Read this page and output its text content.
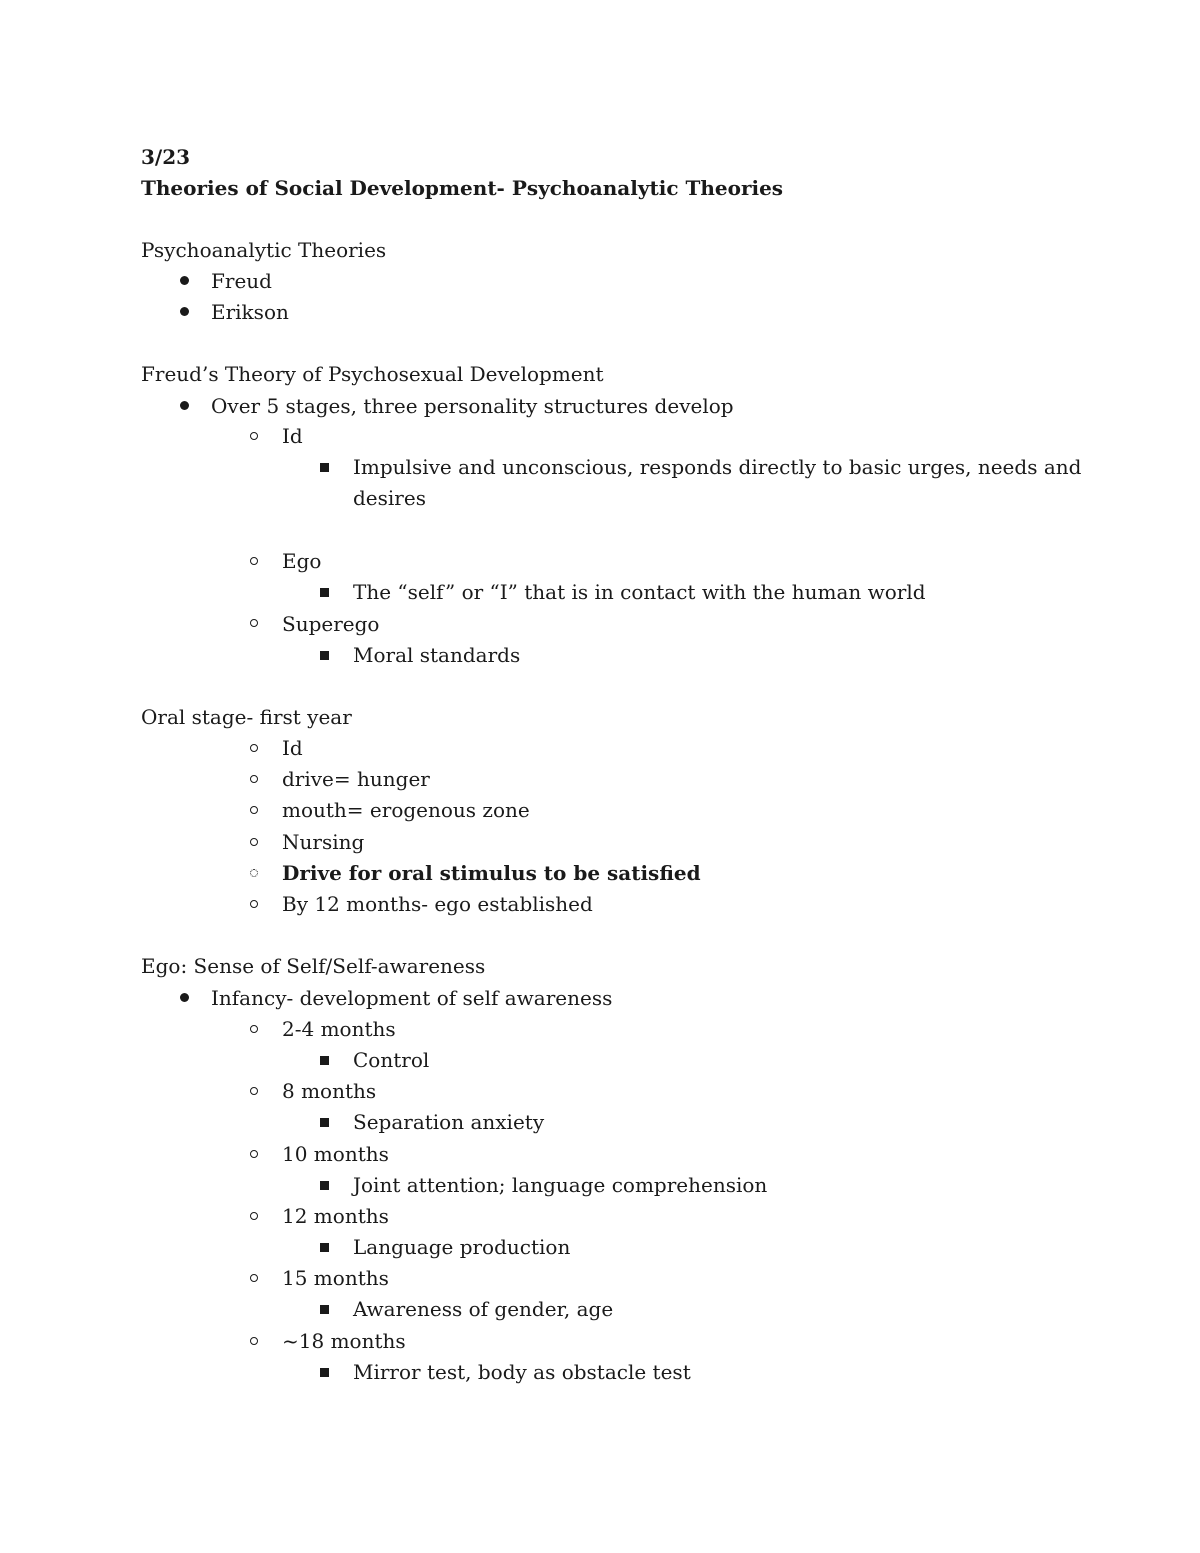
3/23
Theories of Social Development- Psychoanalytic Theories
Psychoanalytic Theories
Freud
Erikson
Freud’s Theory of Psychosexual Development
Over 5 stages, three personality structures develop
Id
Impulsive and unconscious, responds directly to basic urges, needs and
desires
Ego
The “self” or “I” that is in contact with the human world
Superego
Moral standards
Oral stage- first year
Id
drive= hunger
mouth= erogenous zone
Nursing
Drive for oral stimulus to be satisfied
By 12 months- ego established
Ego: Sense of Self/Self-awareness
Infancy- development of self awareness
2-4 months
Control
8 months
Separation anxiety
10 months
Joint attention; language comprehension
12 months
Language production
15 months
Awareness of gender, age
~18 months
Mirror test, body as obstacle test
